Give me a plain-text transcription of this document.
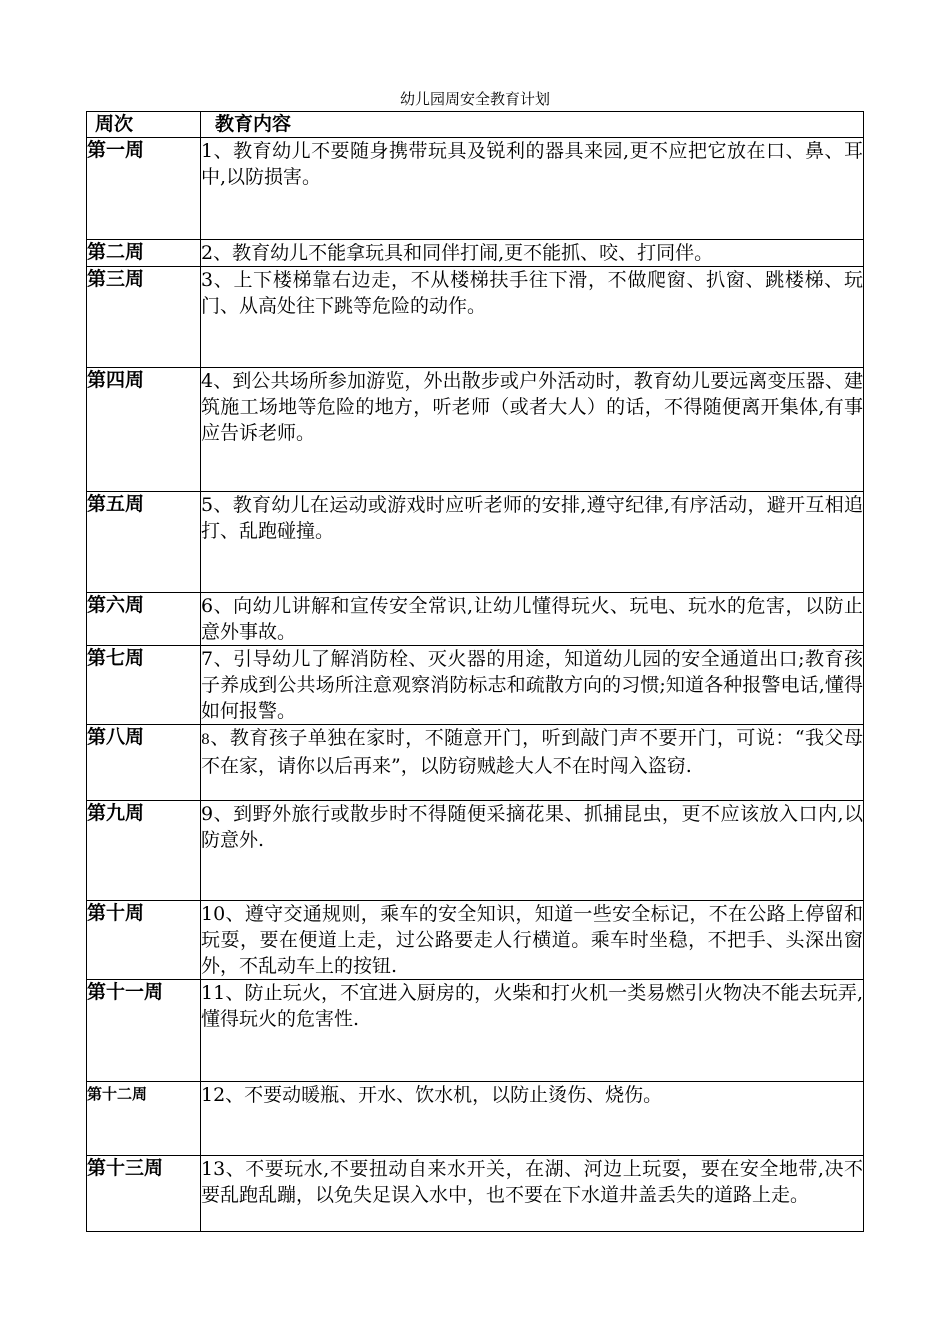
幼儿园周安全教育计划
周次	教育内容
第一周	1、教育幼儿不要随身携带玩具及锐利的器具来园,更不应把它放在口、鼻、耳中,以防损害。
第二周	2、教育幼儿不能拿玩具和同伴打闹,更不能抓、咬、打同伴。
第三周	3、上下楼梯靠右边走，不从楼梯扶手往下滑，不做爬窗、扒窗、跳楼梯、玩门、从高处往下跳等危险的动作。
第四周	4、到公共场所参加游览，外出散步或户外活动时，教育幼儿要远离变压器、建筑施工场地等危险的地方，听老师（或者大人）的话，不得随便离开集体,有事应告诉老师。
第五周	5、教育幼儿在运动或游戏时应听老师的安排,遵守纪律,有序活动，避开互相追打、乱跑碰撞。
第六周	6、向幼儿讲解和宣传安全常识,让幼儿懂得玩火、玩电、玩水的危害，以防止意外事故。
第七周	7、引导幼儿了解消防栓、灭火器的用途，知道幼儿园的安全通道出口;教育孩子养成到公共场所注意观察消防标志和疏散方向的习惯;知道各种报警电话,懂得如何报警。
第八周	8、教育孩子单独在家时，不随意开门，听到敲门声不要开门，可说：“我父母不在家，请你以后再来”，以防窃贼趁大人不在时闯入盗窃.
第九周	9、到野外旅行或散步时不得随便采摘花果、抓捕昆虫，更不应该放入口内,以防意外.
第十周	10、遵守交通规则，乘车的安全知识，知道一些安全标记，不在公路上停留和玩耍，要在便道上走，过公路要走人行横道。乘车时坐稳，不把手、头深出窗外，不乱动车上的按钮.
第十一周	11、防止玩火，不宜进入厨房的，火柴和打火机一类易燃引火物决不能去玩弄,懂得玩火的危害性.
第十二周	12、不要动暖瓶、开水、饮水机，以防止烫伤、烧伤。
第十三周	13、不要玩水,不要扭动自来水开关，在湖、河边上玩耍，要在安全地带,决不要乱跑乱蹦，以免失足误入水中，也不要在下水道井盖丢失的道路上走。
